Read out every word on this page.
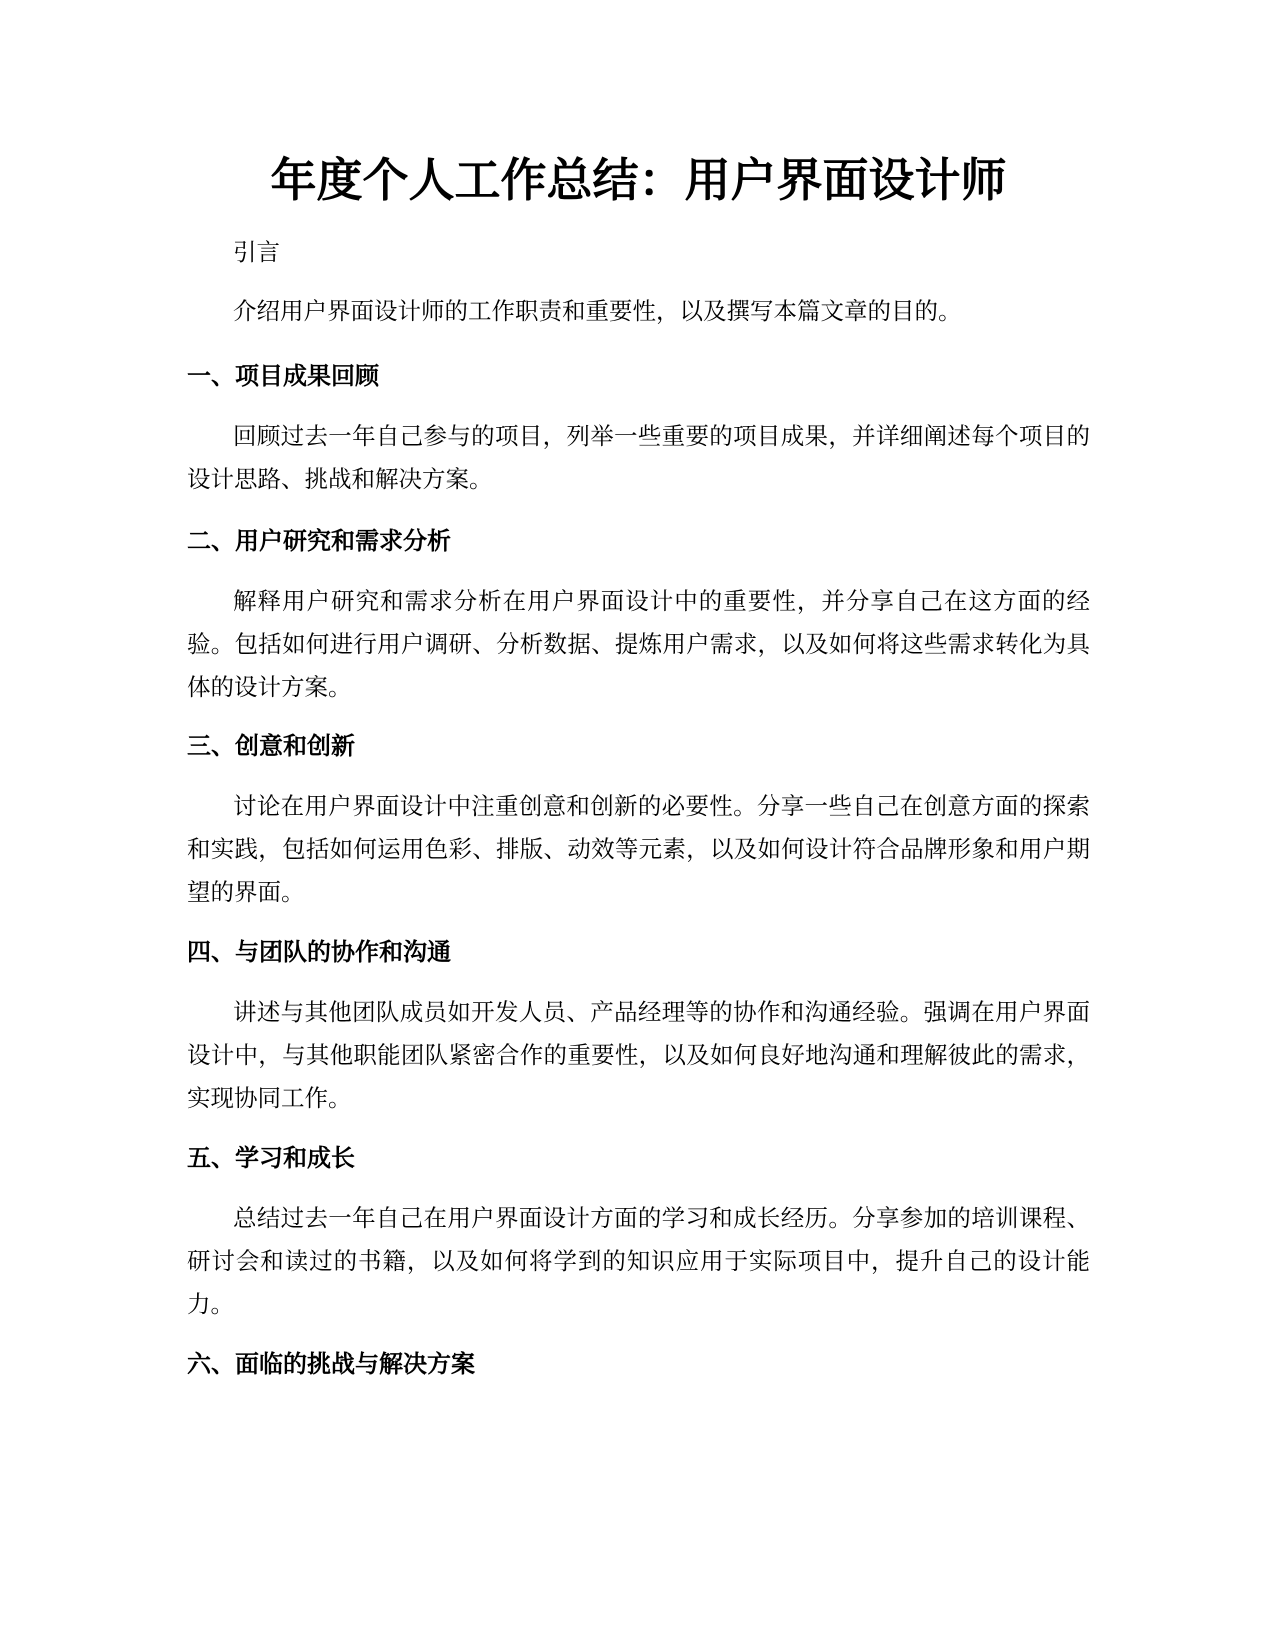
年度个人工作总结：用户界面设计师

引言

介绍用户界面设计师的工作职责和重要性，以及撰写本篇文章的目的。

一、项目成果回顾

回顾过去一年自己参与的项目，列举一些重要的项目成果，并详细阐述每个项目的设计思路、挑战和解决方案。

二、用户研究和需求分析

解释用户研究和需求分析在用户界面设计中的重要性，并分享自己在这方面的经验。包括如何进行用户调研、分析数据、提炼用户需求，以及如何将这些需求转化为具体的设计方案。

三、创意和创新

讨论在用户界面设计中注重创意和创新的必要性。分享一些自己在创意方面的探索和实践，包括如何运用色彩、排版、动效等元素，以及如何设计符合品牌形象和用户期望的界面。

四、与团队的协作和沟通

讲述与其他团队成员如开发人员、产品经理等的协作和沟通经验。强调在用户界面设计中，与其他职能团队紧密合作的重要性，以及如何良好地沟通和理解彼此的需求，实现协同工作。

五、学习和成长

总结过去一年自己在用户界面设计方面的学习和成长经历。分享参加的培训课程、研讨会和读过的书籍，以及如何将学到的知识应用于实际项目中，提升自己的设计能力。

六、面临的挑战与解决方案
